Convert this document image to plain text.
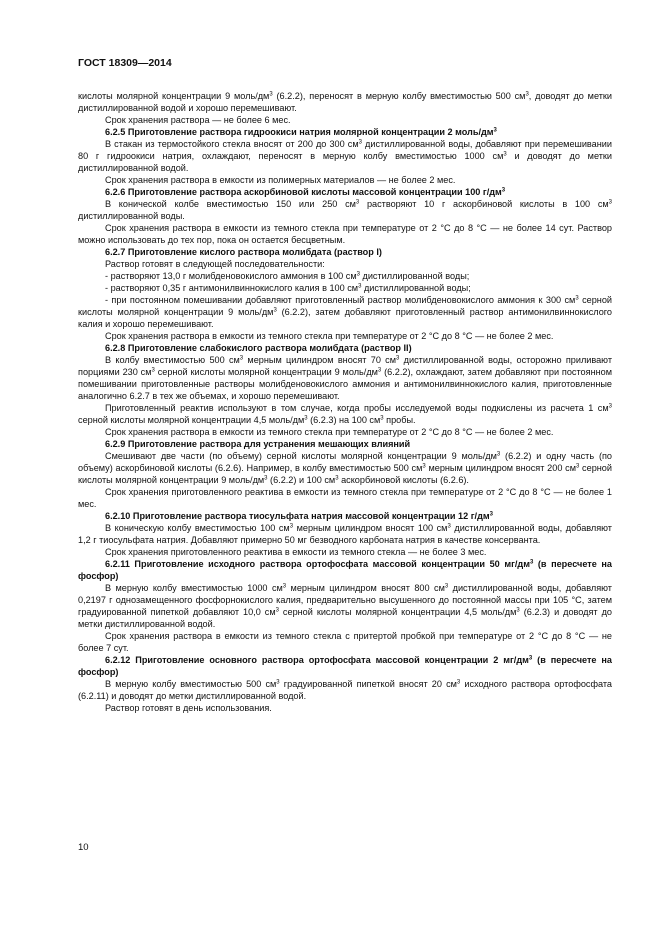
ГОСТ 18309—2014

кислоты молярной концентрации 9 моль/$дм^3$ (6.2.2), переносят в мерную колбу вместимостью 500 $см^3$, доводят до метки дистиллированной водой и хорошо перемешивают.

Срок хранения раствора — не более 6 мес.

6.2.5 Приготовление раствора гидроокиси натрия молярной концентрации 2 моль/$дм^3$

В стакан из термостойкого стекла вносят от 200 до 300 $см^3$ дистиллированной воды, добавляют при перемешивании 80 г гидроокиси натрия, охлаждают, переносят в мерную колбу вместимостью 1000 $см^3$ и доводят до метки дистиллированной водой.

Срок хранения раствора в емкости из полимерных материалов — не более 2 мес.

6.2.6 Приготовление раствора аскорбиновой кислоты массовой концентрации 100 $г/дм^3$

В конической колбе вместимостью 150 или 250 $см^3$ растворяют 10 г аскорбиновой кислоты в 100 $см^3$ дистиллированной воды.

Срок хранения раствора в емкости из темного стекла при температуре от 2 °С до 8 °С — не более 14 сут. Раствор можно использовать до тех пор, пока он остается бесцветным.

6.2.7 Приготовление кислого раствора молибдата (раствор I)

Раствор готовят в следующей последовательности:

- растворяют 13,0 г молибденовокислого аммония в 100 $см^3$ дистиллированной воды;

- растворяют 0,35 г антимонилвиннокислого калия в 100 $см^3$ дистиллированной воды;

- при постоянном помешивании добавляют приготовленный раствор молибденовокислого аммония к 300 $см^3$ серной кислоты молярной концентрации 9 моль/$дм^3$ (6.2.2), затем добавляют приготовленный раствор антимонилвиннокислого калия и хорошо перемешивают.

Срок хранения раствора в емкости из темного стекла при температуре от 2 °С до 8 °С — не более 2 мес.

6.2.8 Приготовление слабокислого раствора молибдата (раствор II)

В колбу вместимостью 500 $см^3$ мерным цилиндром вносят 70 $см^3$ дистиллированной воды, осторожно приливают порциями 230 $см^3$ серной кислоты молярной концентрации 9 моль/$дм^3$ (6.2.2), охлаждают, затем добавляют при постоянном помешивании приготовленные растворы молибденовокислого аммония и антимонилвиннокислого калия, приготовленные аналогично 6.2.7 в тех же объемах, и хорошо перемешивают.

Приготовленный реактив используют в том случае, когда пробы исследуемой воды подкислены из расчета 1 $см^3$ серной кислоты молярной концентрации 4,5 моль/$дм^3$ (6.2.3) на 100 $см^3$ пробы.

Срок хранения раствора в емкости из темного стекла при температуре от 2 °С до 8 °С — не более 2 мес.

6.2.9 Приготовление раствора для устранения мешающих влияний

Смешивают две части (по объему) серной кислоты молярной концентрации 9 моль/$дм^3$ (6.2.2) и одну часть (по объему) аскорбиновой кислоты (6.2.6). Например, в колбу вместимостью 500 $см^3$ мерным цилиндром вносят 200 $см^3$ серной кислоты молярной концентрации 9 моль/$дм^3$ (6.2.2) и 100 $см^3$ аскорбиновой кислоты (6.2.6).

Срок хранения приготовленного реактива в емкости из темного стекла при температуре от 2 °С до 8 °С — не более 1 мес.

6.2.10 Приготовление раствора тиосульфата натрия массовой концентрации 12 $г/дм^3$

В коническую колбу вместимостью 100 $см^3$ мерным цилиндром вносят 100 $см^3$ дистиллированной воды, добавляют 1,2 г тиосульфата натрия. Добавляют примерно 50 мг безводного карбоната натрия в качестве консерванта.

Срок хранения приготовленного реактива в емкости из темного стекла — не более 3 мес.

6.2.11 Приготовление исходного раствора ортофосфата массовой концентрации 50 $мг/дм^3$ (в пересчете на фосфор)

В мерную колбу вместимостью 1000 $см^3$ мерным цилиндром вносят 800 $см^3$ дистиллированной воды, добавляют 0,2197 г однозамещенного фосфорнокислого калия, предварительно высушенного до постоянной массы при 105 °С, затем градуированной пипеткой добавляют 10,0 $см^3$ серной кислоты молярной концентрации 4,5 моль/$дм^3$ (6.2.3) и доводят до метки дистиллированной водой.

Срок хранения раствора в емкости из темного стекла с притертой пробкой при температуре от 2 °С до 8 °С — не более 7 сут.

6.2.12 Приготовление основного раствора ортофосфата массовой концентрации 2 $мг/дм^3$ (в пересчете на фосфор)

В мерную колбу вместимостью 500 $см^3$ градуированной пипеткой вносят 20 $см^3$ исходного раствора ортофосфата (6.2.11) и доводят до метки дистиллированной водой.

Раствор готовят в день использования.

10
